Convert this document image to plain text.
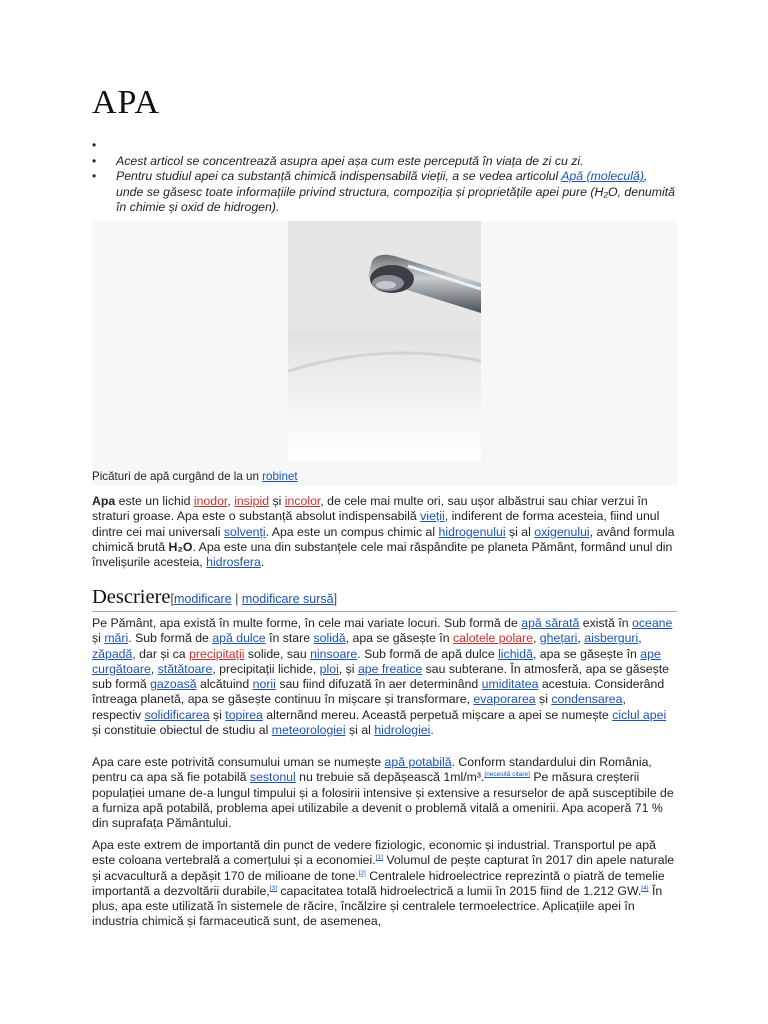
APA
•
• Acest articol se concentrează asupra apei așa cum este percepută în viața de zi cu zi.
• Pentru studiul apei ca substanță chimică indispensabilă vieții, a se vedea articolul Apă (moleculă), unde se găsesc toate informațiile privind structura, compoziția și proprietățile apei pure (H₂O, denumită în chimie și oxid de hidrogen).
Picături de apă curgând de la un robinet

Apa este un lichid inodor, insipid și incolor, de cele mai multe ori, sau ușor albăstrui sau chiar verzui în straturi groase. Apa este o substanță absolut indispensabilă vieții, indiferent de forma acesteia, fiind unul dintre cei mai universali solvenți. Apa este un compus chimic al hidrogenului și al oxigenului, având formula chimică brută H₂O. Apa este una din substanțele cele mai răspândite pe planeta Pământ, formând unul din învelișurile acesteia, hidrosfera.

Descriere[modificare | modificare sursă]

Pe Pământ, apa există în multe forme, în cele mai variate locuri. Sub formă de apă sărată există în oceane și mări. Sub formă de apă dulce în stare solidă, apa se găsește în calotele polare, ghețari, aisberguri, zăpadă, dar și ca precipitații solide, sau ninsoare. Sub formă de apă dulce lichidă, apa se găsește în ape curgătoare, stătătoare, precipitații lichide, ploi, și ape freatice sau subterane. În atmosferă, apa se găsește sub formă gazoasă alcătuind norii sau fiind difuzată în aer determinând umiditatea acestuia. Considerând întreaga planetă, apa se găsește continuu în mișcare și transformare, evaporarea și condensarea, respectiv solidificarea și topirea alternând mereu. Această perpetuă mișcare a apei se numește ciclul apei și constituie obiectul de studiu al meteorologiei și al hidrologiei.

Apa care este potrivită consumului uman se numește apă potabilă. Conform standardului din România, pentru ca apa să fie potabilă sestonul nu trebuie să depășească 1ml/m³.[necesită citare] Pe măsura creșterii populației umane de-a lungul timpului și a folosirii intensive și extensive a resurselor de apă susceptibile de a furniza apă potabilă, problema apei utilizabile a devenit o problemă vitală a omenirii. Apa acoperă 71 % din suprafața Pământului.

Apa este extrem de importantă din punct de vedere fiziologic, economic și industrial. Transportul pe apă este coloana vertebrală a comerțului și a economiei.[1] Volumul de pește capturat în 2017 din apele naturale și acvacultură a depășit 170 de milioane de tone.[2] Centralele hidroelectrice reprezintă o piatră de temelie importantă a dezvoltării durabile,[3] capacitatea totală hidroelectrică a lumii în 2015 fiind de 1.212 GW.[4] În plus, apa este utilizată în sistemele de răcire, încălzire și centralele termoelectrice. Aplicațiile apei în industria chimică și farmaceutică sunt, de asemenea,
